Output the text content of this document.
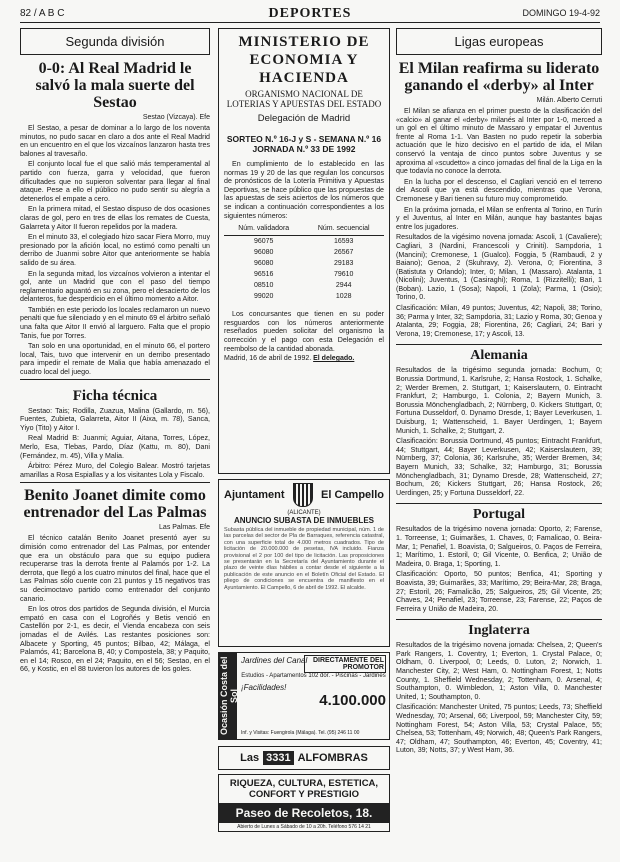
82 / A B C	DEPORTES	DOMINGO 19-4-92
Segunda división
0-0: Al Real Madrid le salvó la mala suerte del Sestao
Sestao (Vizcaya). Efe

El Sestao, a pesar de dominar a lo largo de los noventa minutos, no pudo sacar en claro a dos ante el Real Madrid en un encuentro en el que los vizcaínos lanzaron hasta tres balones al travesaño.

El conjunto local fue el que salió más temperamental al partido con fuerza, garra y velocidad, que fueron dificultades que no supieron solventar para llegar al final ataque. Pese a ello el público no pudo sentir su alegría a detenerlos el empate a cero.

En la primera mitad, el Sestao dispuso de dos ocasiones claras de gol, pero en tres de ellas los remates de Cuesta, Galarreta y Aitor II fueron repelidos por la madera.

En el minuto 33, el colegiado hizo sacar Fiera Morro, muy presionado por la afición local, no estimó como penalti un derribo de Juanmi sobre Aitor que anteriormente se había salido de su área.

En la segunda mitad, los vizcaínos volvieron a intentar el gol, ante un Madrid que con el paso del tiempo reglamentario aguantó en su zona, pero el desacierto de los delanteros, fue desperdicio en el último momento a Aitor.

También en este periodo los locales reclamaron un nuevo penalti que fue silenciado y en el minuto 69 el árbitro señaló una falta que Aitor II envió al larguero. Falta que el propio Tanis, fue por Torres.

Tan solo en una oportunidad, en el minuto 66, el portero local, Tais, tuvo que intervenir en un derribo presentado para impedir el remate de Malia que había amenazado el cuadro local del juego.

Ficha técnica

Sestao: Tais; Rodilla, Zuazua, Malina (Gallardo, m. 56), Fuentes, Zubieta, Galarreta, Aitor II (Aixa, m. 78), Sanca, Yiyo (Tito) y Aitor I.

Real Madrid B: Juanmi; Aguiar, Aitana, Torres, López, Merlo, Esa, Tlebas, Pardo, Díaz (Kattu, m. 80), Dani (Fernández, m. 45), Villa y Malia.

Árbitro: Pérez Muro, del Colegio Balear. Mostró tarjetas amarillas a Rosa Espiallas y a los visitantes Lola y Fiscalo.

Benito Joanet dimite como entrenador del Las Palmas
Las Palmas. Efe

El técnico catalán Benito Joanet presentó ayer su dimisión como entrenador del Las Palmas, por entender que era un obstáculo para que su equipo pudiera recuperarse tras la derrota frente al Palamós por 1-2. La derrota, que llegó a los cuatro minutos del final, hace que el Las Palmas sólo cuente con 21 puntos y 15 negativos tras su decimoctavo partido como entrenador del conjunto canario.

En los otros dos partidos de Segunda división, el Murcia empató en casa con el Logroñés y Betis venció en Castellón por 2-1, es decir, el Vienda encabeza con seis jornadas el de Avilés. Las restantes posiciones son: Albacete y Sporting, 45 puntos; Bilbao, 42; Málaga, el Palamós, 41; Barcelona B, 40; y Compostela, 38; y Paquito, en el 14; Rosco, en el 24; Paquito, en el 56; Sestao, en el 66, y Kostic, en el 88 tuvieron los autores de los goles.

MINISTERIO DE ECONOMIA Y HACIENDA
ORGANISMO NACIONAL DE LOTERIAS Y APUESTAS DEL ESTADO
Delegación de Madrid
SORTEO N.º 16-J y S - SEMANA N.º 16 JORNADA N.º 33 DE 1992

En cumplimiento de lo establecido en las normas 19 y 20 de las que regulan los concursos de pronósticos de la Lotería Primitiva y Apuestas Deportivas, se hace público que las propuestas de las apuestas de seis aciertos de los números que se indican a continuación correspondientes a los siguientes números:

Núm. validadora	Núm. secuencial
96075	16593
96080	26567
96080	29183
96516	79610
08510	2944
99020	1028

Los concursantes que tienen en su poder resguardos con los números anteriormente reseñados pueden solicitar del organismo la corrección y el pago con esta Delegación el reembolso de la cantidad abonada.

Madrid, 16 de abril de 1992. El delegado.
Ajuntament	El Campello
(ALICANTE)
ANUNCIO SUBASTA DE INMUEBLES
Subasta pública del inmueble de propiedad municipal, núm. 1 de las parcelas del sector de Pla de Barraques, referencia catastral, con una superficie total de 4.000 metros cuadrados. Tipo de licitación de 20.000.000 de pesetas, IVA incluido. Fianza provisional el 2 por 100 del tipo de licitación. Las proposiciones se presentarán en la Secretaría del Ayuntamiento durante el plazo de veinte días hábiles a contar desde el siguiente a la publicación de este anuncio en el Boletín Oficial del Estado. El pliego de condiciones se encuentra de manifiesto en el Ayuntamiento. El Campello, 6 de abril de 1992. El alcalde.
Ocasión Costa del Sol
Jardines del Canal DIRECTAMENTE DEL PROMOTOR
Estudios - Apartamentos 102 dor. - Piscinas - Jardines
¡Facilidades!
4.100.000
Inf. y Visitas: Fuengirola (Málaga). Tel. (95) 246 11 00
Las 3331 ALFOMBRAS
RIQUEZA, CULTURA, ESTETICA, CONFORT Y PRESTIGIO
Paseo de Recoletos, 18.
Abierto de Lunes a Sábado de 10 a 20h. Teléfono 576 14 21
Ligas europeas
El Milan reafirma su liderato ganando el «derby» al Inter
Milán. Alberto Cerruti

El Milan se afianza en el primer puesto de la clasificación del «calcio» al ganar el «derby» milanés al Inter por 1-0, merced a un gol en el último minuto de Massaro y empatar el Juventus frente al Roma 1-1. Van Basten no pudo repetir la soberbia actuación que le hizo decisivo en el partido de ida, el Milan conservó la ventaja de cinco puntos sobre Juventus y se aproxima al «scudetto» a cinco jornadas del final de la Liga en la que todavía no conoce la derrota.

En la lucha por el descenso, el Cagliari venció en el terreno del Ascoli que ya está descendido, mientras que Verona, Cremonese y Bari tienen su futuro muy comprometido.

En la próxima jornada, el Milan se enfrenta al Torino, en Turín y el Juventus, al Inter en Milán, aunque hay bastantes bajas entre los jugadores.

Resultados de la vigésimo novena jornada: Ascoli, 1 (Cavaliere); Cagliari, 3 (Nardini, Francescoli y Criniti). Sampdoria, 1 (Mancini); Cremonese, 1 (Gualco). Foggia, 5 (Rambaudi, 2 y Baiano); Genoa, 2 (Skuhravy, 2). Verona, 0; Fiorentina, 3 (Batistuta y Orlando); Inter, 0; Milan, 1 (Massaro). Atalanta, 1 (Nicolini); Juventus, 1 (Casiraghi); Roma, 1 (Rizzitelli); Bari, 1 (Boban). Lazio, 1 (Sosa); Napoli, 1 (Zola); Parma, 1 (Osio); Torino, 0.

Clasificación: Milan, 49 puntos; Juventus, 42; Napoli, 38; Torino, 36; Parma y Inter, 32; Sampdoria, 31; Lazio y Roma, 30; Genoa y Atalanta, 29; Foggia, 28; Fiorentina, 26; Cagliari, 24; Bari y Verona, 19; Cremonese, 17; y Ascoli, 13.

Alemania

Resultados de la trigésimo segunda jornada: Bochum, 0; Borussia Dortmund, 1. Karlsruhe, 2; Hansa Rostock, 1. Schalke, 2; Werder Bremen, 2. Stuttgart, 1; Kaiserslautern, 0. Eintracht Frankfurt, 2; Hamburgo, 1. Colonia, 2; Bayern Munich, 3. Borussia Mönchengladbach, 2; Nürnberg, 0. Kickers Stuttgart, 0; Fortuna Dusseldorf, 0. Dynamo Dresde, 1; Bayer Leverkusen, 1. Duisburg, 1; Wattenscheid, 1. Bayer Uerdingen, 1; Bayern Munich, 1. Schalke, 2; Stuttgart, 2.

Clasificación: Borussia Dortmund, 45 puntos; Eintracht Frankfurt, 44; Stuttgart, 44; Bayer Leverkusen, 42; Kaiserslautern, 39; Nürnberg, 37; Colonia, 36; Karlsruhe, 35; Werder Bremen, 34; Bayern Munich, 33; Schalke, 32; Hamburgo, 31; Borussia Mönchengladbach, 31; Dynamo Dresde, 28; Wattenscheid, 27; Bochum, 26; Kickers Stuttgart, 26; Hansa Rostock, 26; Uerdingen, 25; y Fortuna Dusseldorf, 22.

Portugal

Resultados de la trigésimo novena jornada: Oporto, 2; Farense, 1. Torreense, 1; Guimarães, 1. Chaves, 0; Famalicao, 0. Beira-Mar, 1; Penafiel, 1. Boavista, 0; Salgueiros, 0. Paços de Ferreira, 1; Marítimo, 1. Estoril, 0; Gil Vicente, 0. Benfica, 2; União de Madeira, 0. Braga, 1; Sporting, 1.

Clasificación: Oporto, 50 puntos; Benfica, 41; Sporting y Boavista, 39; Guimarães, 33; Marítimo, 29; Beira-Mar, 28; Braga, 27; Estoril, 26; Famalicão, 25; Salgueiros, 25; Gil Vicente, 25; Chaves, 24; Penafiel, 23; Torreense, 23; Farense, 22; Paços de Ferreira y União de Madeira, 20.

Inglaterra

Resultados de la trigésimo novena jornada: Chelsea, 2; Queen's Park Rangers, 1. Coventry, 1; Everton, 1. Crystal Palace, 0; Oldham, 0. Liverpool, 0; Leeds, 0. Luton, 2; Norwich, 1. Manchester City, 2; West Ham, 0. Nottingham Forest, 1; Notts County, 1. Sheffield Wednesday, 2; Tottenham, 0. Arsenal, 4; Southampton, 0. Wimbledon, 1; Aston Villa, 0. Manchester United, 1; Southampton, 0.

Clasificación: Manchester United, 75 puntos; Leeds, 73; Sheffield Wednesday, 70; Arsenal, 66; Liverpool, 59; Manchester City, 59; Nottingham Forest, 54; Aston Villa, 53; Crystal Palace, 55; Chelsea, 53; Tottenham, 49; Norwich, 48; Queen's Park Rangers, 47; Oldham, 47; Southampton, 46; Everton, 45; Coventry, 41; Luton, 39; Notts, 37; y West Ham, 36.
